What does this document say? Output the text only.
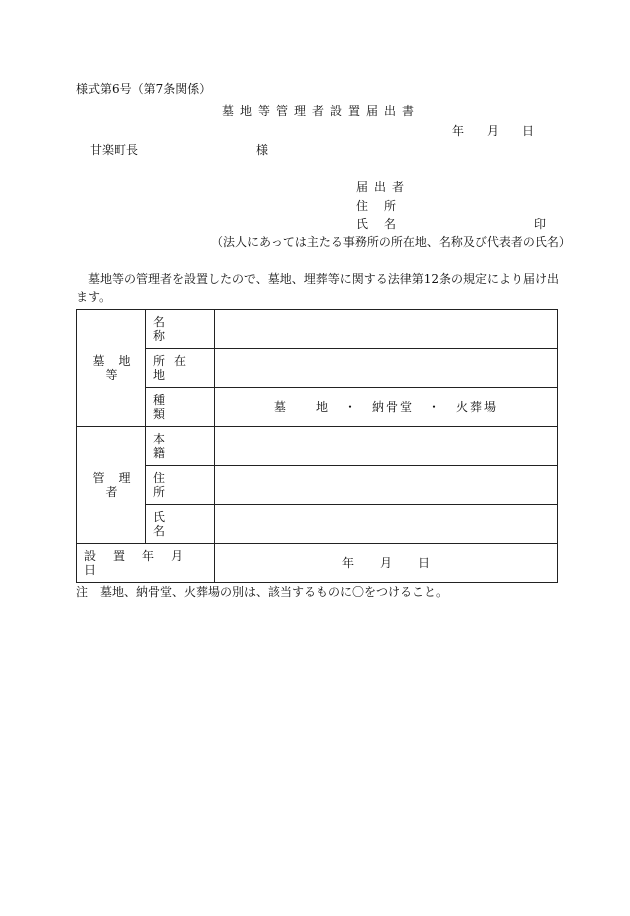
様式第6号（第7条関係）
墓地等管理者設置届出書
年 月 日
甘楽町長	様
届出者
住　所
氏　名	印
（法人にあっては主たる事務所の所在地、名称及び代表者の氏名）
墓地等の管理者を設置したので、墓地、埋葬等に関する法律第12条の規定により届け出ます。
墓地等	名称	

	所在地	

	種類	墓　　地　・　納骨堂　・　火葬場

管理者	本籍	

	住所	

	氏名	

設置年月日		年 月 日
注　墓地、納骨堂、火葬場の別は、該当するものに〇をつけること。
